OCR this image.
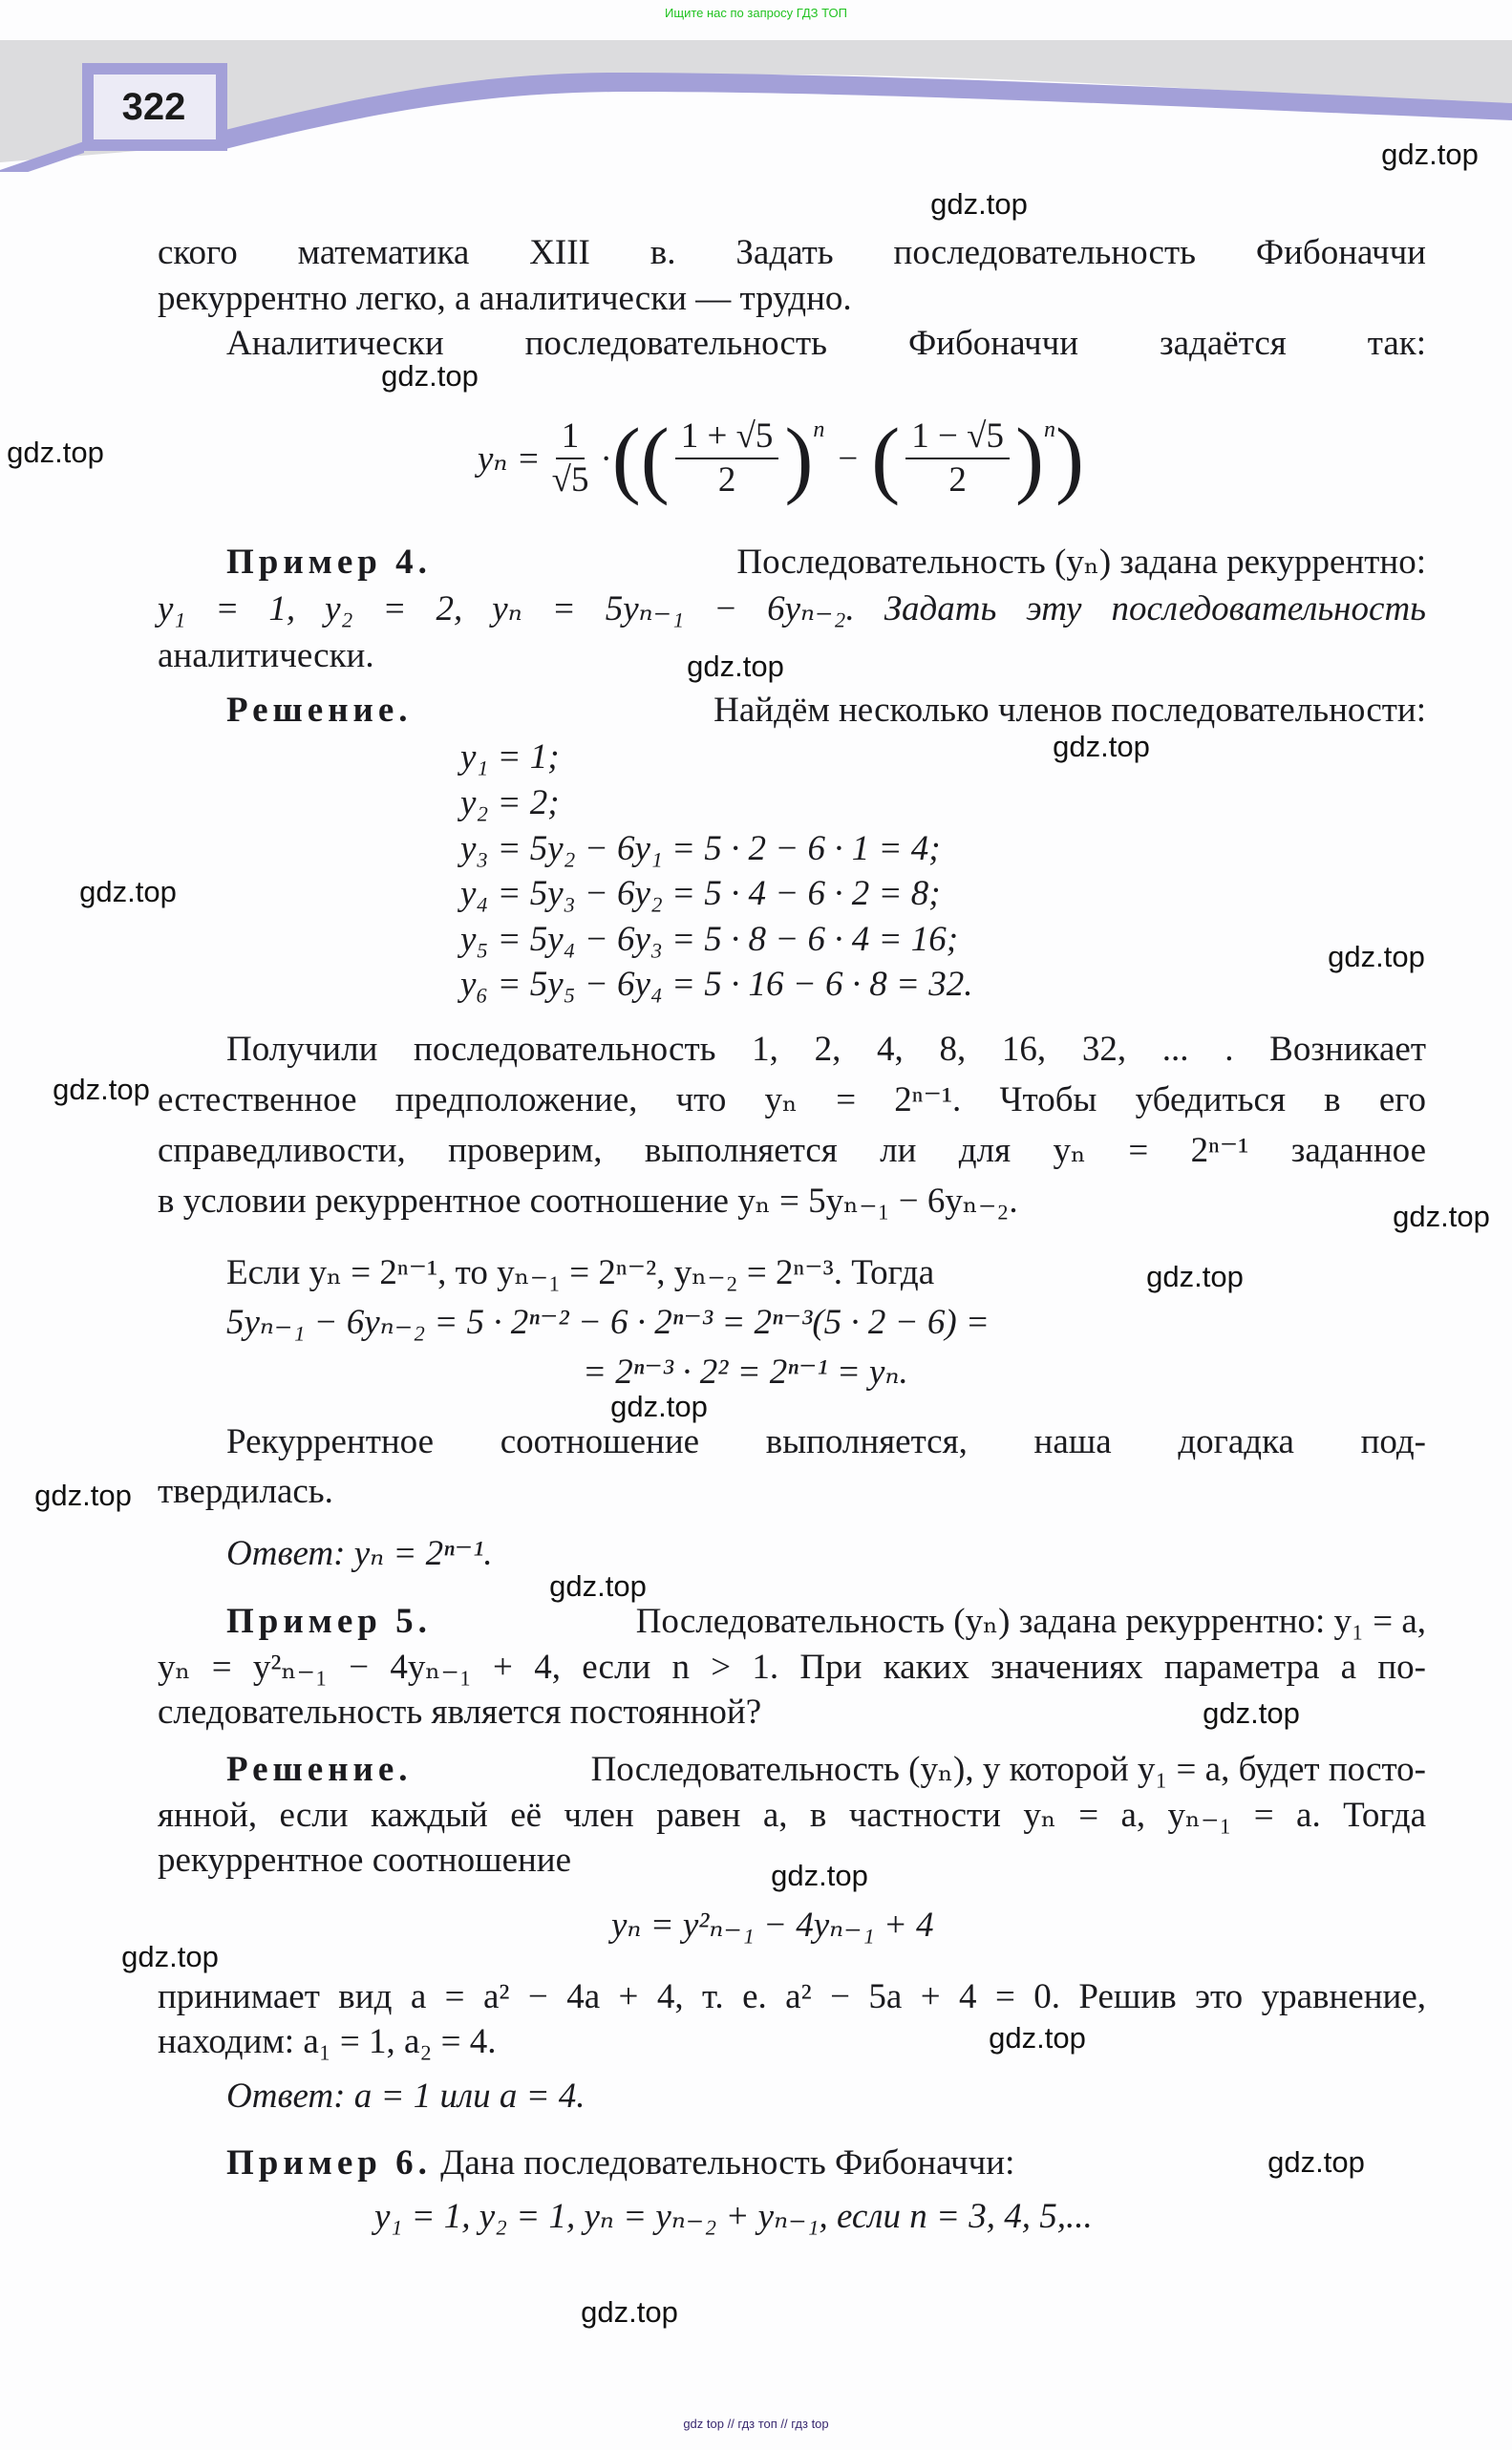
Ищите нас по запросу ГДЗ ТОП
322
ского математика XIII в. Задать последовательность Фибоначчи
рекуррентно легко, а аналитически — трудно.
Аналитически последовательность Фибоначчи задаётся так:
$y_n = \frac{1}{√5}$ · ( ( $\frac{1 + √5}{2}$ ) n
− ( $\frac{1 - √5}{2}$ ) n )
Пример 4.	Последовательность (yₙ) задана рекуррентно:
y₁ = 1, y₂ = 2, yₙ = 5yₙ₋₁ − 6yₙ₋₂. Задать эту последовательность
аналитически.
Решение.	Найдём несколько членов последовательности:
y₁ = 1;
y₂ = 2;
y₃ = 5y₂ − 6y₁ = 5 · 2 − 6 · 1 = 4;
y₄ = 5y₃ − 6y₂ = 5 · 4 − 6 · 2 = 8;
y₅ = 5y₄ − 6y₃ = 5 · 8 − 6 · 4 = 16;
y₆ = 5y₅ − 6y₄ = 5 · 16 − 6 · 8 = 32.
Получили последовательность 1, 2, 4, 8, 16, 32, ... . Возникает
естественное предположение, что yₙ = 2ⁿ⁻¹. Чтобы убедиться в его
справедливости, проверим, выполняется ли для yₙ = 2ⁿ⁻¹ заданное
в условии рекуррентное соотношение yₙ = 5yₙ₋₁ − 6yₙ₋₂.
Если yₙ = 2ⁿ⁻¹, то yₙ₋₁ = 2ⁿ⁻², yₙ₋₂ = 2ⁿ⁻³. Тогда
5yₙ₋₁ − 6yₙ₋₂ = 5 · 2ⁿ⁻² − 6 · 2ⁿ⁻³ = 2ⁿ⁻³(5 · 2 − 6) =
= 2ⁿ⁻³ · 2² = 2ⁿ⁻¹ = yₙ.
Рекуррентное соотношение выполняется, наша догадка под-
твердилась.
Ответ: yₙ = 2ⁿ⁻¹.
Пример 5.	Последовательность (yₙ) задана рекуррентно: y₁ = a,
yₙ = y²ₙ₋₁ − 4yₙ₋₁ + 4, если n > 1. При каких значениях параметра a по-
следовательность является постоянной?
Решение.	Последовательность (yₙ), у которой y₁ = a, будет посто-
янной, если каждый её член равен a, в частности yₙ = a, yₙ₋₁ = a. Тогда
рекуррентное соотношение
yₙ = y²ₙ₋₁ − 4yₙ₋₁ + 4
принимает вид a = a² − 4a + 4, т. е. a² − 5a + 4 = 0. Решив это уравнение,
находим: a₁ = 1, a₂ = 4.
Ответ: a = 1 или a = 4.
Пример 6. Дана последовательность Фибоначчи:
y₁ = 1, y₂ = 1, yₙ = yₙ₋₂ + yₙ₋₁, если n = 3, 4, 5,...
gdz.top
gdz.top
gdz.top
gdz.top
gdz.top
gdz.top
gdz.top
gdz.top
gdz.top
gdz.top
gdz.top
gdz.top
gdz.top
gdz.top
gdz.top
gdz.top
gdz.top
gdz.top
gdz.top
gdz.top
gdz top // гдз топ // гдз top
